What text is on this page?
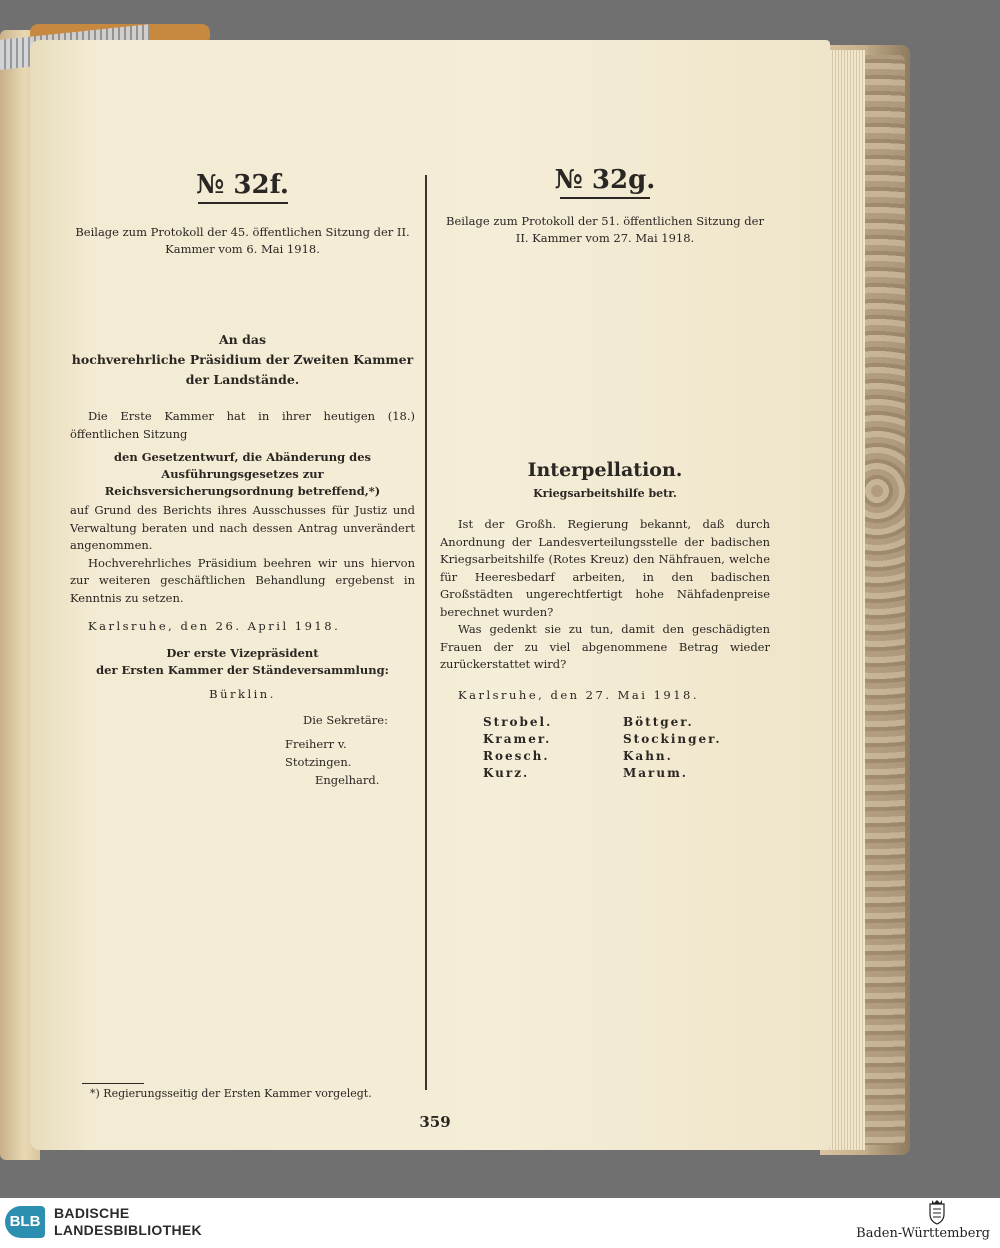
№ 32f.

Beilage zum Protokoll der 45. öffentlichen Sitzung der II. Kammer vom 6. Mai 1918.
An das
hochverehrliche Präsidium der Zweiten Kammer der Landstände.

Die Erste Kammer hat in ihrer heutigen (18.) öffentlichen Sitzung

den Gesetzentwurf, die Abänderung des Ausführungsgesetzes zur Reichsversicherungsordnung betreffend,*)

auf Grund des Berichts ihres Ausschusses für Justiz und Verwaltung beraten und nach dessen Antrag unverändert angenommen.

Hochverehrliches Präsidium beehren wir uns hiervon zur weiteren geschäftlichen Behandlung ergebenst in Kenntnis zu setzen.

Karlsruhe, den 26. April 1918.
Der erste Vizepräsident
der Ersten Kammer der Ständeversammlung:
Bürklin.
Die Sekretäre:
Freiherr v. Stotzingen.
Engelhard.

№ 32g.

Beilage zum Protokoll der 51. öffentlichen Sitzung der II. Kammer vom 27. Mai 1918.
Interpellation.
Kriegsarbeitshilfe betr.

Ist der Großh. Regierung bekannt, daß durch Anordnung der Landesverteilungsstelle der badischen Kriegsarbeitshilfe (Rotes Kreuz) den Nähfrauen, welche für Heeresbedarf arbeiten, in den badischen Großstädten ungerechtfertigt hohe Nähfadenpreise berechnet wurden?

Was gedenkt sie zu tun, damit den geschädigten Frauen der zu viel abgenommene Betrag wieder zurückerstattet wird?

Karlsruhe, den 27. Mai 1918.
Strobel.	Böttger.
Kramer.	Stockinger.
Roesch.	Kahn.
Kurz.	Marum.
*) Regierungsseitig der Ersten Kammer vorgelegt.
359
BLB BADISCHE
LANDESBIBLIOTHEK	Baden-Württemberg
